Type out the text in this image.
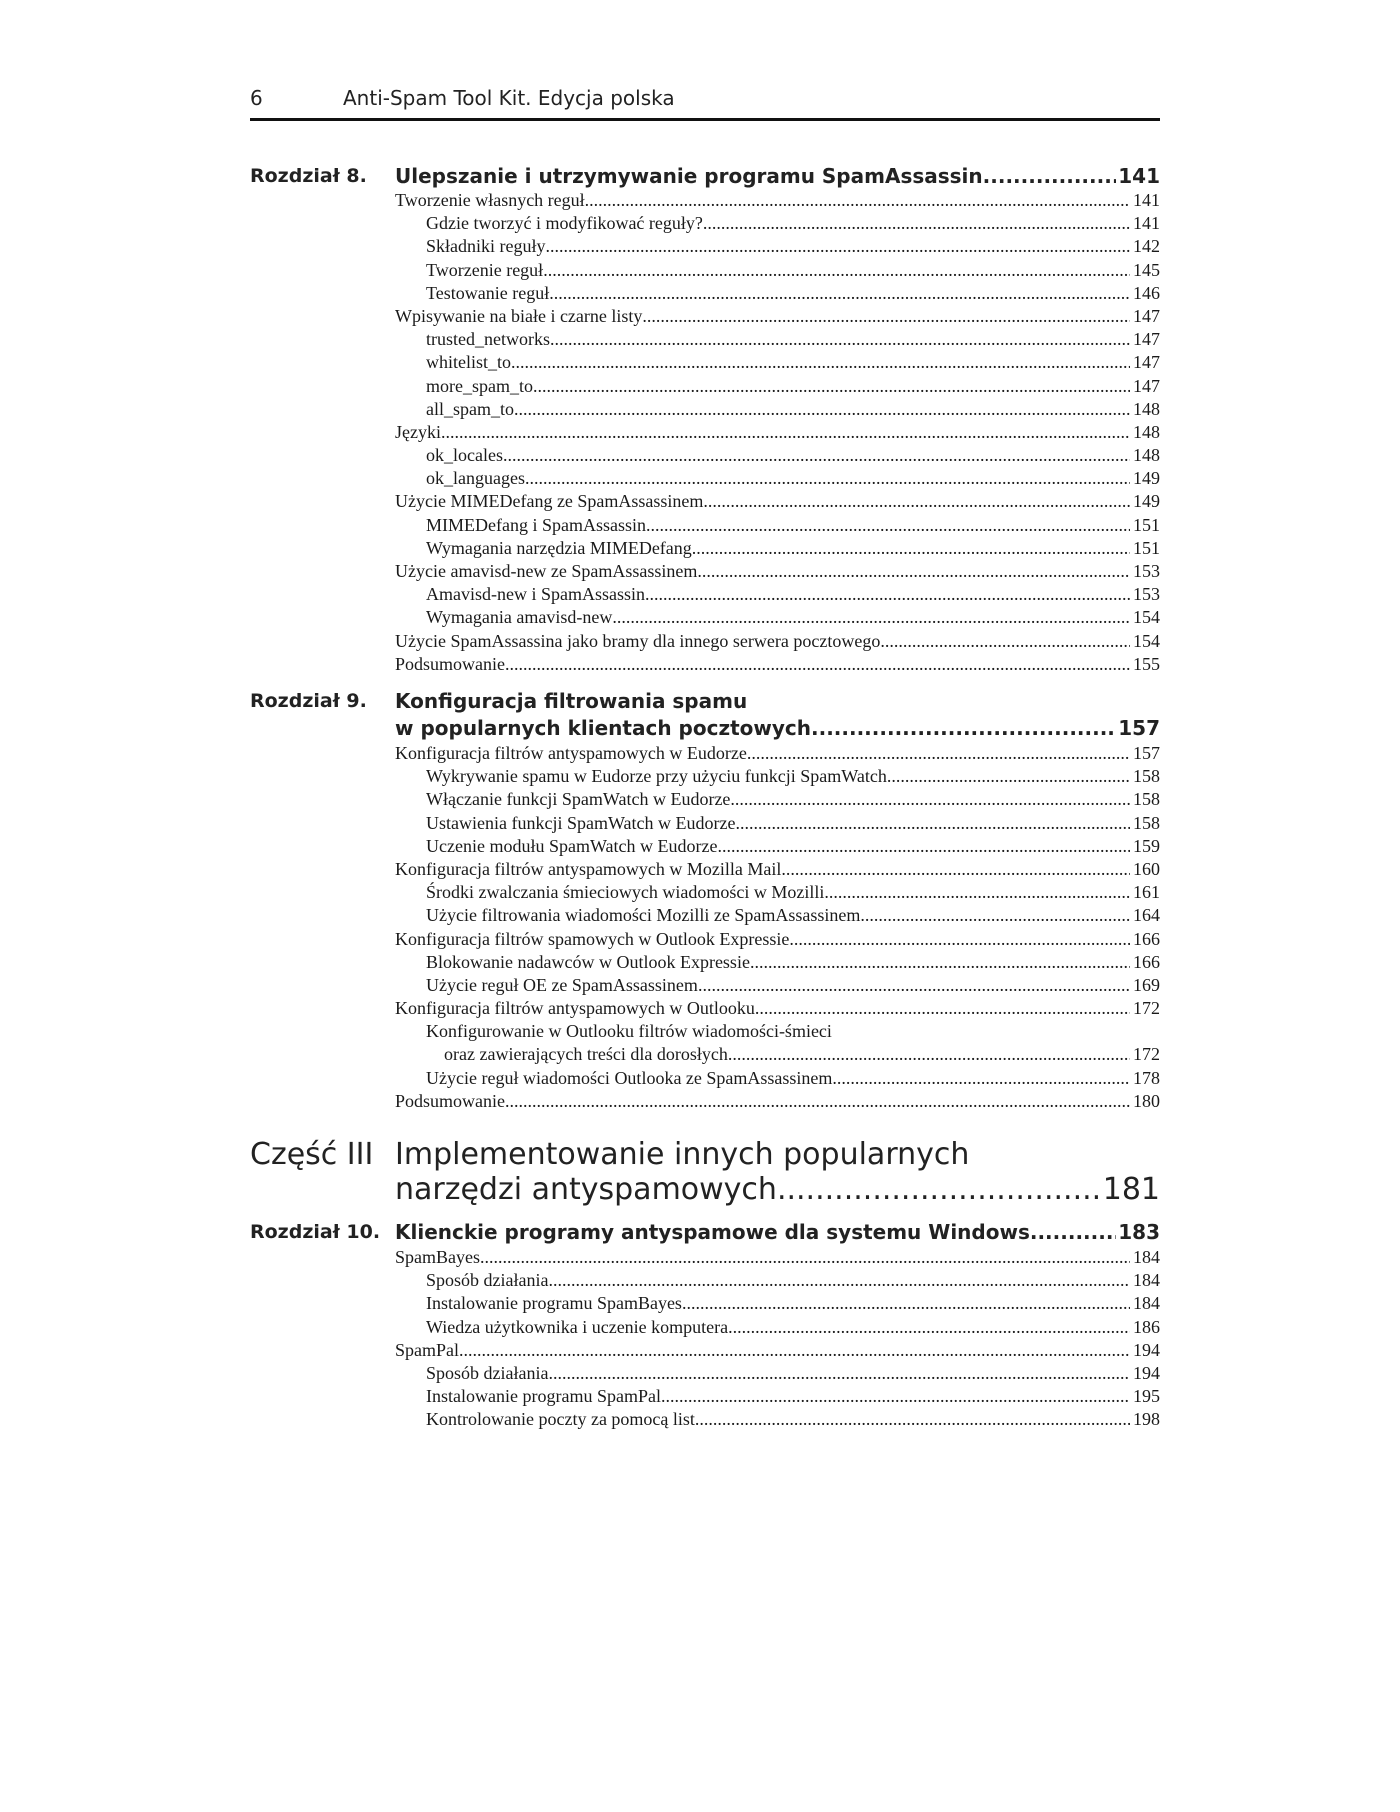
6	Anti-Spam Tool Kit. Edycja polska
Rozdział 8. Ulepszanie i utrzymywanie programu SpamAssassin .....	141
Tworzenie własnych reguł .....	141
Gdzie tworzyć i modyfikować reguły? .....	141
Składniki reguły .....	142
Tworzenie reguł .....	145
Testowanie reguł .....	146
Wpisywanie na białe i czarne listy .....	147
trusted_networks .....	147
whitelist_to .....	147
more_spam_to .....	147
all_spam_to .....	148
Języki .....	148
ok_locales .....	148
ok_languages .....	149
Użycie MIMEDefang ze SpamAssassinem .....	149
MIMEDefang i SpamAssassin .....	151
Wymagania narzędzia MIMEDefang .....	151
Użycie amavisd-new ze SpamAssassinem .....	153
Amavisd-new i SpamAssassin .....	153
Wymagania amavisd-new .....	154
Użycie SpamAssassina jako bramy dla innego serwera pocztowego .....	154
Podsumowanie .....	155
Rozdział 9. Konfiguracja filtrowania spamu
w popularnych klientach pocztowych .....	157
Konfiguracja filtrów antyspamowych w Eudorze .....	157
Wykrywanie spamu w Eudorze przy użyciu funkcji SpamWatch .....	158
Włączanie funkcji SpamWatch w Eudorze .....	158
Ustawienia funkcji SpamWatch w Eudorze .....	158
Uczenie modułu SpamWatch w Eudorze .....	159
Konfiguracja filtrów antyspamowych w Mozilla Mail .....	160
Środki zwalczania śmieciowych wiadomości w Mozilli .....	161
Użycie filtrowania wiadomości Mozilli ze SpamAssassinem .....	164
Konfiguracja filtrów spamowych w Outlook Expressie .....	166
Blokowanie nadawców w Outlook Expressie .....	166
Użycie reguł OE ze SpamAssassinem .....	169
Konfiguracja filtrów antyspamowych w Outlooku .....	172
Konfigurowanie w Outlooku filtrów wiadomości-śmieci
oraz zawierających treści dla dorosłych .....	172
Użycie reguł wiadomości Outlooka ze SpamAssassinem .....	178
Podsumowanie .....	180
Część III Implementowanie innych popularnych
narzędzi antyspamowych .....	181
Rozdział 10. Klienckie programy antyspamowe dla systemu Windows .....	183
SpamBayes .....	184
Sposób działania .....	184
Instalowanie programu SpamBayes .....	184
Wiedza użytkownika i uczenie komputera .....	186
SpamPal .....	194
Sposób działania .....	194
Instalowanie programu SpamPal .....	195
Kontrolowanie poczty za pomocą list .....	198
